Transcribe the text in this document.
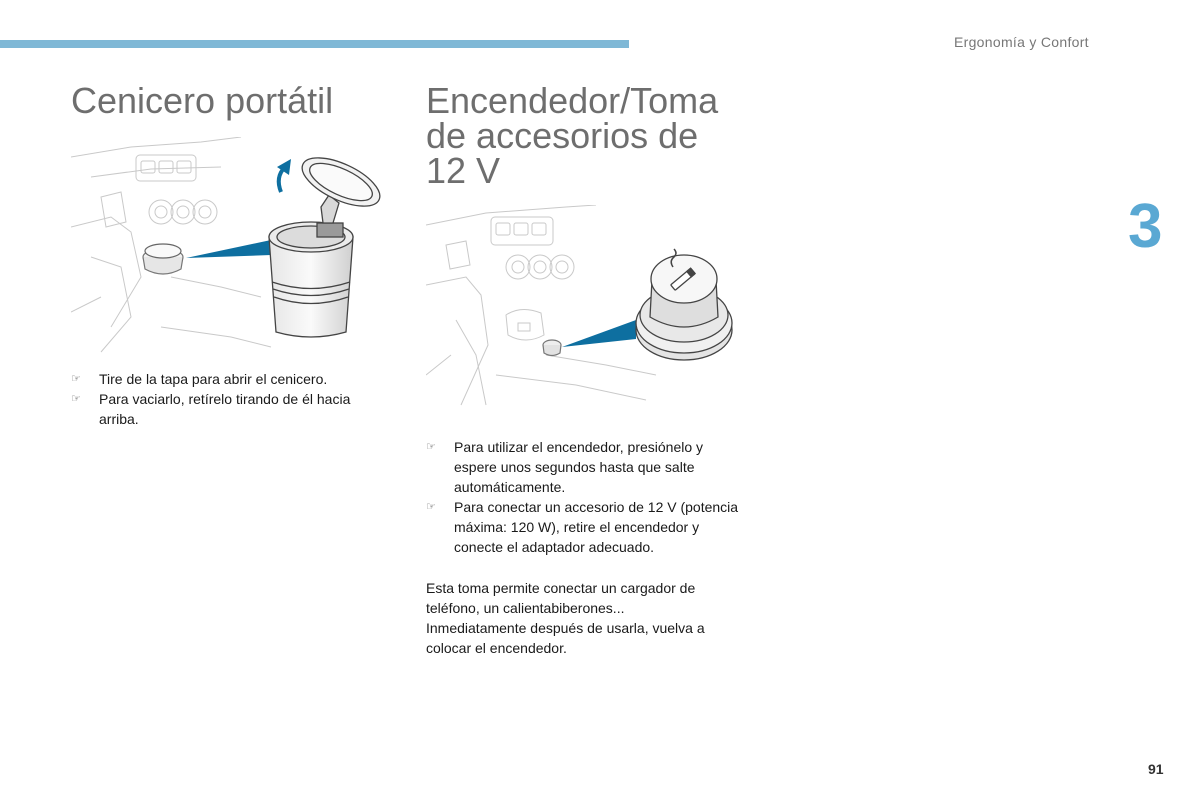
Ergonomía y Confort
3
Cenicero portátil
☞ Tire de la tapa para abrir el cenicero.
☞ Para vaciarlo, retírelo tirando de él hacia arriba.
Encendedor/Toma de accesorios de 12 V
☞ Para utilizar el encendedor, presiónelo y espere unos segundos hasta que salte automáticamente.
☞ Para conectar un accesorio de 12 V (potencia máxima: 120 W), retire el encendedor y conecte el adaptador adecuado.

Esta toma permite conectar un cargador de teléfono, un calientabiberones...

Inmediatamente después de usarla, vuelva a colocar el encendedor.

91
